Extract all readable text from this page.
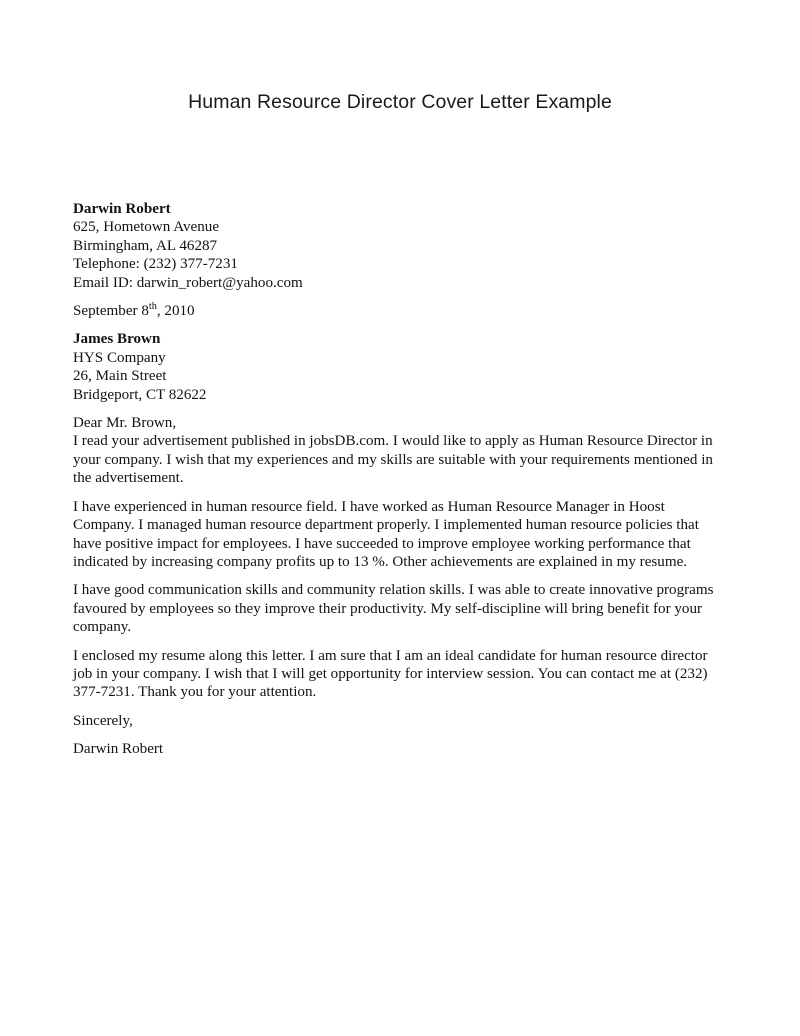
Human Resource Director Cover Letter Example
Darwin Robert
625, Hometown Avenue
Birmingham, AL 46287
Telephone: (232) 377-7231
Email ID: darwin_robert@yahoo.com
September 8th, 2010
James Brown
HYS Company
26, Main Street
Bridgeport, CT 82622
Dear Mr. Brown,
I read your advertisement published in jobsDB.com. I would like to apply as Human Resource Director in your company. I wish that my experiences and my skills are suitable with your requirements mentioned in the advertisement.

I have experienced in human resource field. I have worked as Human Resource Manager in Hoost Company. I managed human resource department properly. I implemented human resource policies that have positive impact for employees. I have succeeded to improve employee working performance that indicated by increasing company profits up to 13 %. Other achievements are explained in my resume.

I have good communication skills and community relation skills. I was able to create innovative programs favoured by employees so they improve their productivity. My self-discipline will bring benefit for your company.

I enclosed my resume along this letter. I am sure that I am an ideal candidate for human resource director job in your company. I wish that I will get opportunity for interview session. You can contact me at (232) 377-7231. Thank you for your attention.

Sincerely,

Darwin Robert
